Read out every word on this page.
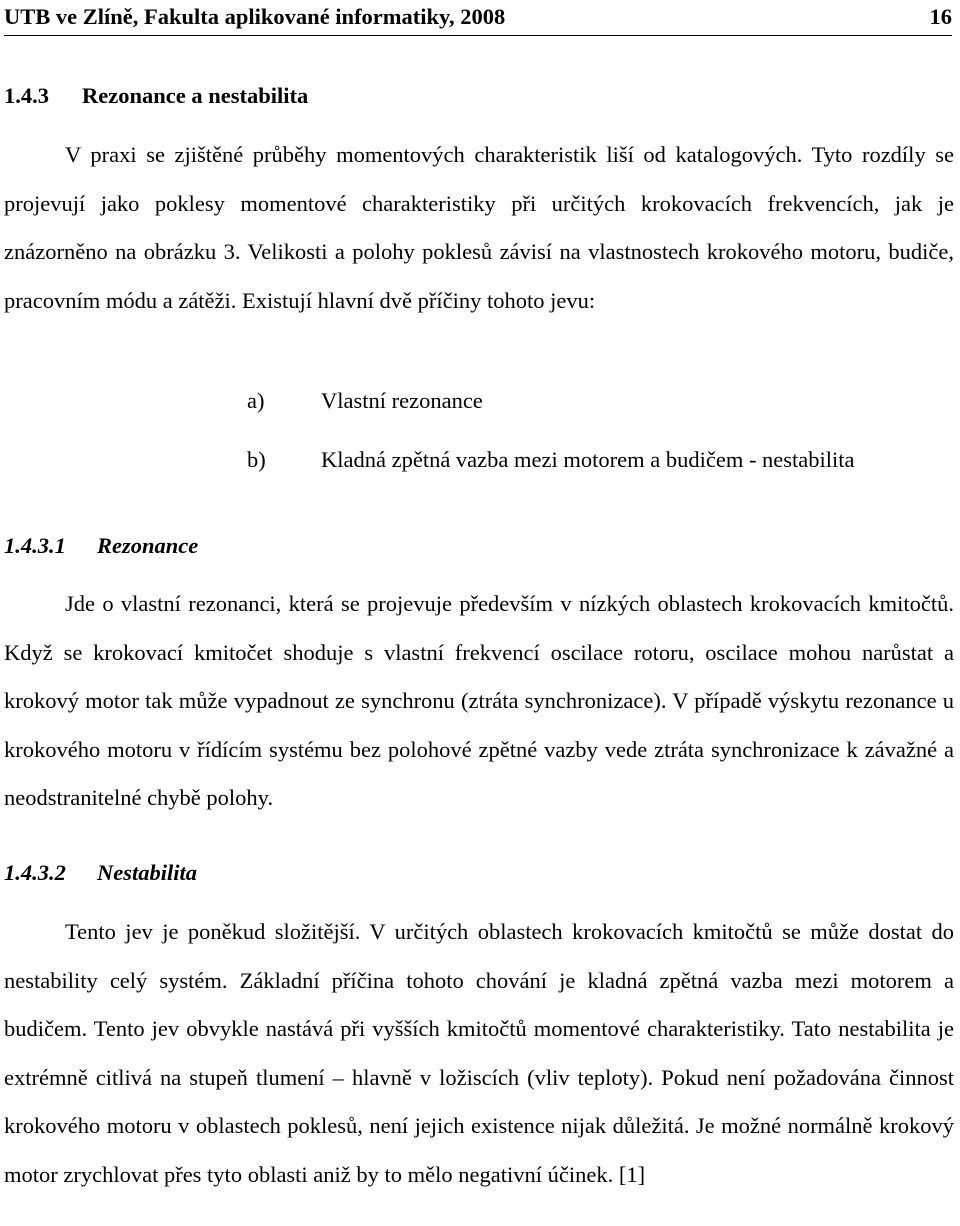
UTB ve Zlíně, Fakulta aplikované informatiky, 2008	16
1.4.3	Rezonance a nestabilita

V praxi se zjištěné průběhy momentových charakteristik liší od katalogových. Tyto rozdíly se projevují jako poklesy momentové charakteristiky při určitých krokovacích frekvencích, jak je znázorněno na obrázku 3. Velikosti a polohy poklesů závisí na vlastnostech krokového motoru, budiče, pracovním módu a zátěži. Existují hlavní dvě příčiny tohoto jevu:

a)	Vlastní rezonance
b)	Kladná zpětná vazba mezi motorem a budičem - nestabilita
1.4.3.1	Rezonance

Jde o vlastní rezonanci, která se projevuje především v nízkých oblastech krokovacích kmitočtů. Když se krokovací kmitočet shoduje s vlastní frekvencí oscilace rotoru, oscilace mohou narůstat a krokový motor tak může vypadnout ze synchronu (ztráta synchronizace). V případě výskytu rezonance u krokového motoru v řídícím systému bez polohové zpětné vazby vede ztráta synchronizace k závažné a neodstranitelné chybě polohy.

1.4.3.2	Nestabilita

Tento jev je poněkud složitější. V určitých oblastech krokovacích kmitočtů se může dostat do nestability celý systém. Základní příčina tohoto chování je kladná zpětná vazba mezi motorem a budičem. Tento jev obvykle nastává při vyšších kmitočtů momentové charakteristiky. Tato nestabilita je extrémně citlivá na stupeň tlumení – hlavně v ložiscích (vliv teploty). Pokud není požadována činnost krokového motoru v oblastech poklesů, není jejich existence nijak důležitá. Je možné normálně krokový motor zrychlovat přes tyto oblasti aniž by to mělo negativní účinek. [1]
